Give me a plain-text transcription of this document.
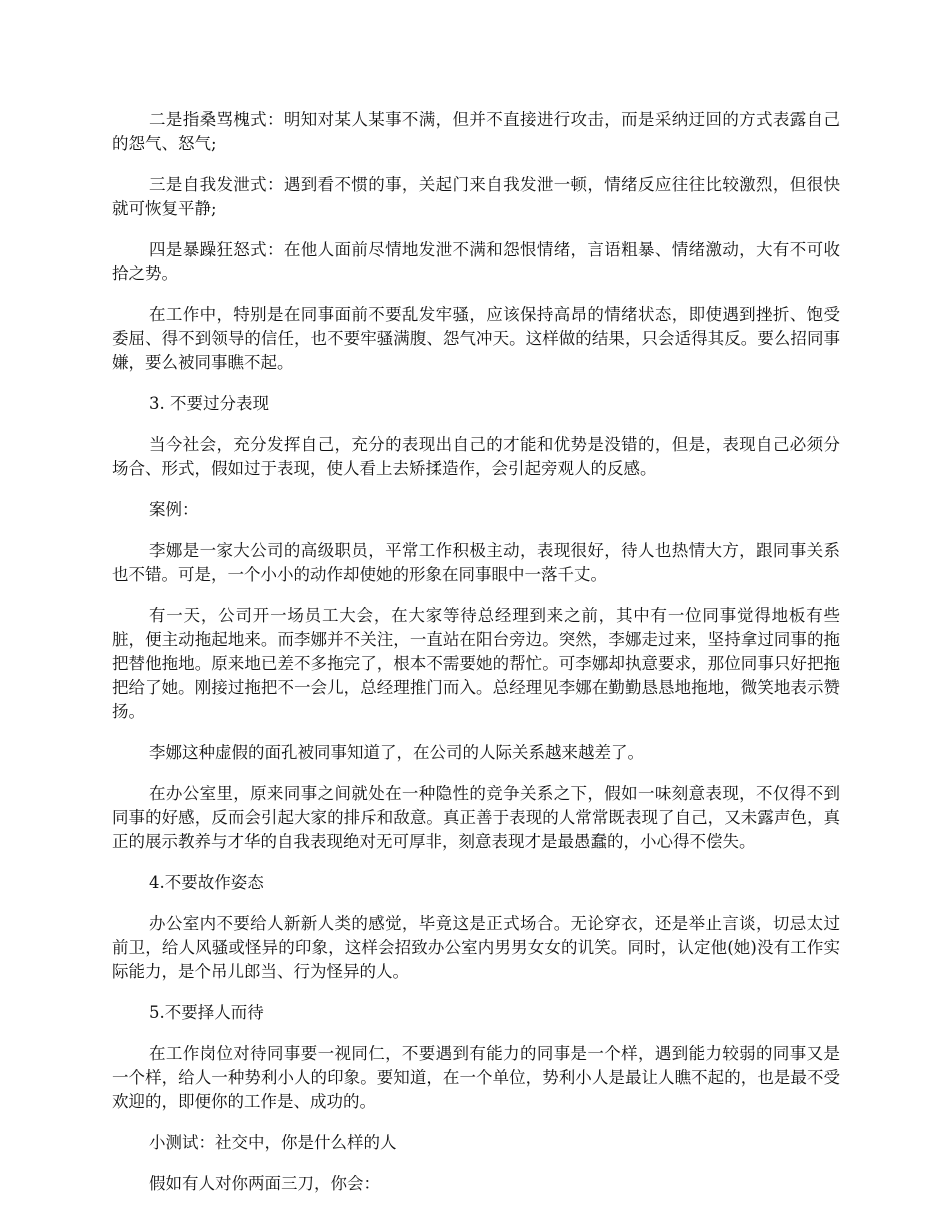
二是指桑骂槐式：明知对某人某事不满，但并不直接进行攻击，而是采纳迂回的方式表露自己的怨气、怒气;

三是自我发泄式：遇到看不惯的事，关起门来自我发泄一顿，情绪反应往往比较激烈，但很快就可恢复平静;

四是暴躁狂怒式：在他人面前尽情地发泄不满和怨恨情绪，言语粗暴、情绪激动，大有不可收拾之势。

在工作中，特别是在同事面前不要乱发牢骚，应该保持高昂的情绪状态，即使遇到挫折、饱受委屈、得不到领导的信任，也不要牢骚满腹、怨气冲天。这样做的结果，只会适得其反。要么招同事嫌，要么被同事瞧不起。

3. 不要过分表现

当今社会，充分发挥自己，充分的表现出自己的才能和优势是没错的，但是，表现自己必须分场合、形式，假如过于表现，使人看上去矫揉造作，会引起旁观人的反感。

案例：

李娜是一家大公司的高级职员，平常工作积极主动，表现很好，待人也热情大方，跟同事关系也不错。可是，一个小小的动作却使她的形象在同事眼中一落千丈。

有一天，公司开一场员工大会，在大家等待总经理到来之前，其中有一位同事觉得地板有些脏，便主动拖起地来。而李娜并不关注，一直站在阳台旁边。突然，李娜走过来，坚持拿过同事的拖把替他拖地。原来地已差不多拖完了，根本不需要她的帮忙。可李娜却执意要求，那位同事只好把拖把给了她。刚接过拖把不一会儿，总经理推门而入。总经理见李娜在勤勤恳恳地拖地，微笑地表示赞扬。

李娜这种虚假的面孔被同事知道了，在公司的人际关系越来越差了。

在办公室里，原来同事之间就处在一种隐性的竞争关系之下，假如一味刻意表现，不仅得不到同事的好感，反而会引起大家的排斥和敌意。真正善于表现的人常常既表现了自己，又未露声色，真正的展示教养与才华的自我表现绝对无可厚非，刻意表现才是最愚蠢的，小心得不偿失。

4.不要故作姿态

办公室内不要给人新新人类的感觉，毕竟这是正式场合。无论穿衣，还是举止言谈，切忌太过前卫，给人风骚或怪异的印象，这样会招致办公室内男男女女的讥笑。同时，认定他(她)没有工作实际能力，是个吊儿郎当、行为怪异的人。

5.不要择人而待

在工作岗位对待同事要一视同仁，不要遇到有能力的同事是一个样，遇到能力较弱的同事又是一个样，给人一种势利小人的印象。要知道，在一个单位，势利小人是最让人瞧不起的，也是最不受欢迎的，即便你的工作是、成功的。

小测试：社交中，你是什么样的人

假如有人对你两面三刀，你会：
